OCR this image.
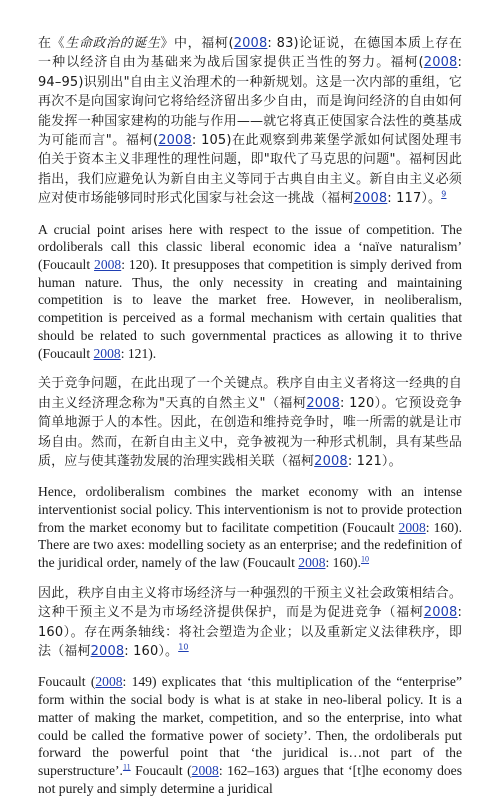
在《生命政治的诞生》中，福柯(2008: 83)论证说，在德国本质上存在一种以经济自由为基础来为战后国家提供正当性的努力。福柯(2008: 94–95)识别出"自由主义治理术的一种新规划。这是一次内部的重组，它再次不是向国家询问它将给经济留出多少自由，而是询问经济的自由如何能发挥一种国家建构的功能与作用——就它将真正使国家合法性的奠基成为可能而言"。福柯(2008: 105)在此观察到弗莱堡学派如何试图处理韦伯关于资本主义非理性的理性问题，即"取代了马克思的问题"。福柯因此指出，我们应避免认为新自由主义等同于古典自由主义。新自由主义必须应对使市场能够同时形式化国家与社会这一挑战（福柯2008: 117）。$^9$

A crucial point arises here with respect to the issue of competition. The ordoliberals call this classic liberal economic idea a ‘naïve naturalism’ (Foucault 2008: 120). It presupposes that competition is simply derived from human nature. Thus, the only necessity in creating and maintaining competition is to leave the market free. However, in neoliberalism, competition is perceived as a formal mechanism with certain qualities that should be related to such governmental practices as allowing it to thrive (Foucault 2008: 121).

关于竞争问题，在此出现了一个关键点。秩序自由主义者将这一经典的自由主义经济理念称为"天真的自然主义"（福柯2008: 120）。它预设竞争简单地源于人的本性。因此，在创造和维持竞争时，唯一所需的就是让市场自由。然而，在新自由主义中，竞争被视为一种形式机制，具有某些品质，应与使其蓬勃发展的治理实践相关联（福柯2008: 121）。

Hence, ordoliberalism combines the market economy with an intense interventionist social policy. This interventionism is not to provide protection from the market economy but to facilitate competition (Foucault 2008: 160). There are two axes: modelling society as an enterprise; and the redefinition of the juridical order, namely of the law (Foucault 2008: 160).$^{10}$

因此，秩序自由主义将市场经济与一种强烈的干预主义社会政策相结合。这种干预主义不是为市场经济提供保护，而是为促进竞争（福柯2008: 160）。存在两条轴线：将社会塑造为企业；以及重新定义法律秩序，即法（福柯2008: 160）。$^{10}$

Foucault (2008: 149) explicates that ‘this multiplication of the “enterprise” form within the social body is what is at stake in neo-liberal policy. It is a matter of making the market, competition, and so the enterprise, into what could be called the formative power of society’. Then, the ordoliberals put forward the powerful point that ‘the juridical is…not part of the superstructure’.$^{11}$ Foucault (2008: 162–163) argues that ‘[t]he economy does not purely and simply determine a juridical
